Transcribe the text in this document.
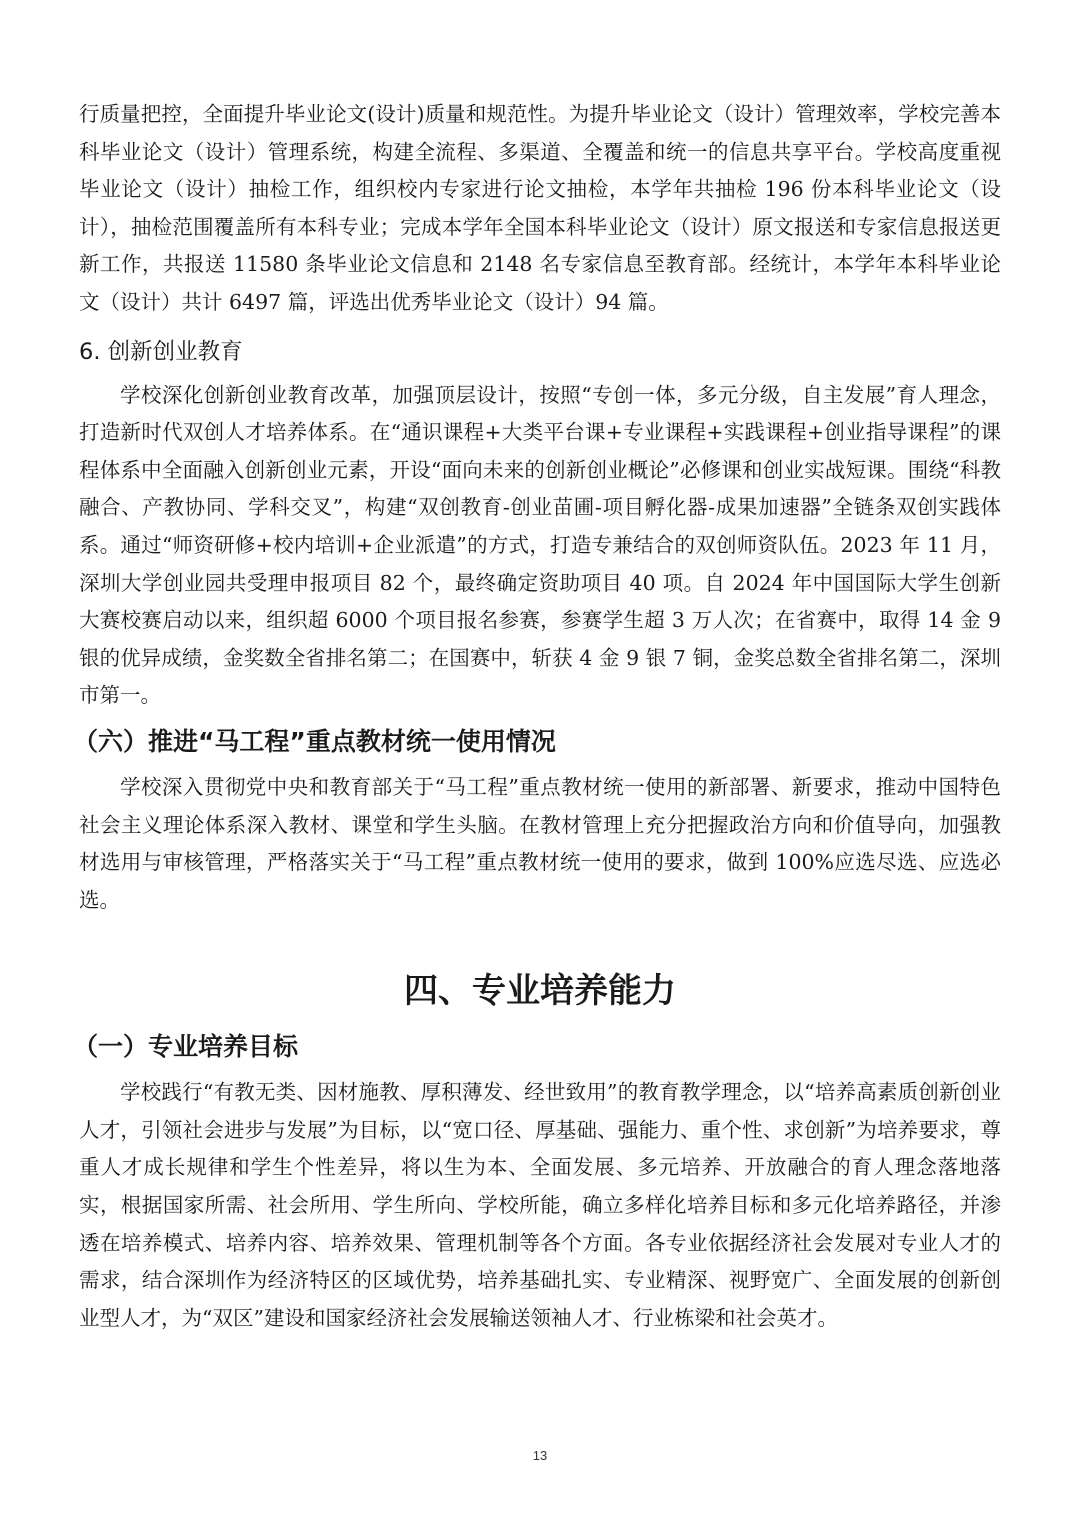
行质量把控，全面提升毕业论文(设计)质量和规范性。为提升毕业论文（设计）管理效率，学校完善本科毕业论文（设计）管理系统，构建全流程、多渠道、全覆盖和统一的信息共享平台。学校高度重视毕业论文（设计）抽检工作，组织校内专家进行论文抽检，本学年共抽检 196 份本科毕业论文（设计），抽检范围覆盖所有本科专业；完成本学年全国本科毕业论文（设计）原文报送和专家信息报送更新工作，共报送 11580 条毕业论文信息和 2148 名专家信息至教育部。经统计，本学年本科毕业论文（设计）共计 6497 篇，评选出优秀毕业论文（设计）94 篇。

6. 创新创业教育

学校深化创新创业教育改革，加强顶层设计，按照“专创一体，多元分级，自主发展”育人理念，打造新时代双创人才培养体系。在“通识课程+大类平台课+专业课程+实践课程+创业指导课程”的课程体系中全面融入创新创业元素，开设“面向未来的创新创业概论”必修课和创业实战短课。围绕“科教融合、产教协同、学科交叉”，构建“双创教育-创业苗圃-项目孵化器-成果加速器”全链条双创实践体系。通过“师资研修+校内培训+企业派遣”的方式，打造专兼结合的双创师资队伍。2023 年 11 月，深圳大学创业园共受理申报项目 82 个，最终确定资助项目 40 项。自 2024 年中国国际大学生创新大赛校赛启动以来，组织超 6000 个项目报名参赛，参赛学生超 3 万人次；在省赛中，取得 14 金 9 银的优异成绩，金奖数全省排名第二；在国赛中，斩获 4 金 9 银 7 铜，金奖总数全省排名第二，深圳市第一。

（六）推进“马工程”重点教材统一使用情况

学校深入贯彻党中央和教育部关于“马工程”重点教材统一使用的新部署、新要求，推动中国特色社会主义理论体系深入教材、课堂和学生头脑。在教材管理上充分把握政治方向和价值导向，加强教材选用与审核管理，严格落实关于“马工程”重点教材统一使用的要求，做到 100%应选尽选、应选必选。

四、专业培养能力
（一）专业培养目标

学校践行“有教无类、因材施教、厚积薄发、经世致用”的教育教学理念，以“培养高素质创新创业人才，引领社会进步与发展”为目标，以“宽口径、厚基础、强能力、重个性、求创新”为培养要求，尊重人才成长规律和学生个性差异，将以生为本、全面发展、多元培养、开放融合的育人理念落地落实，根据国家所需、社会所用、学生所向、学校所能，确立多样化培养目标和多元化培养路径，并渗透在培养模式、培养内容、培养效果、管理机制等各个方面。各专业依据经济社会发展对专业人才的需求，结合深圳作为经济特区的区域优势，培养基础扎实、专业精深、视野宽广、全面发展的创新创业型人才，为“双区”建设和国家经济社会发展输送领袖人才、行业栋梁和社会英才。

13
